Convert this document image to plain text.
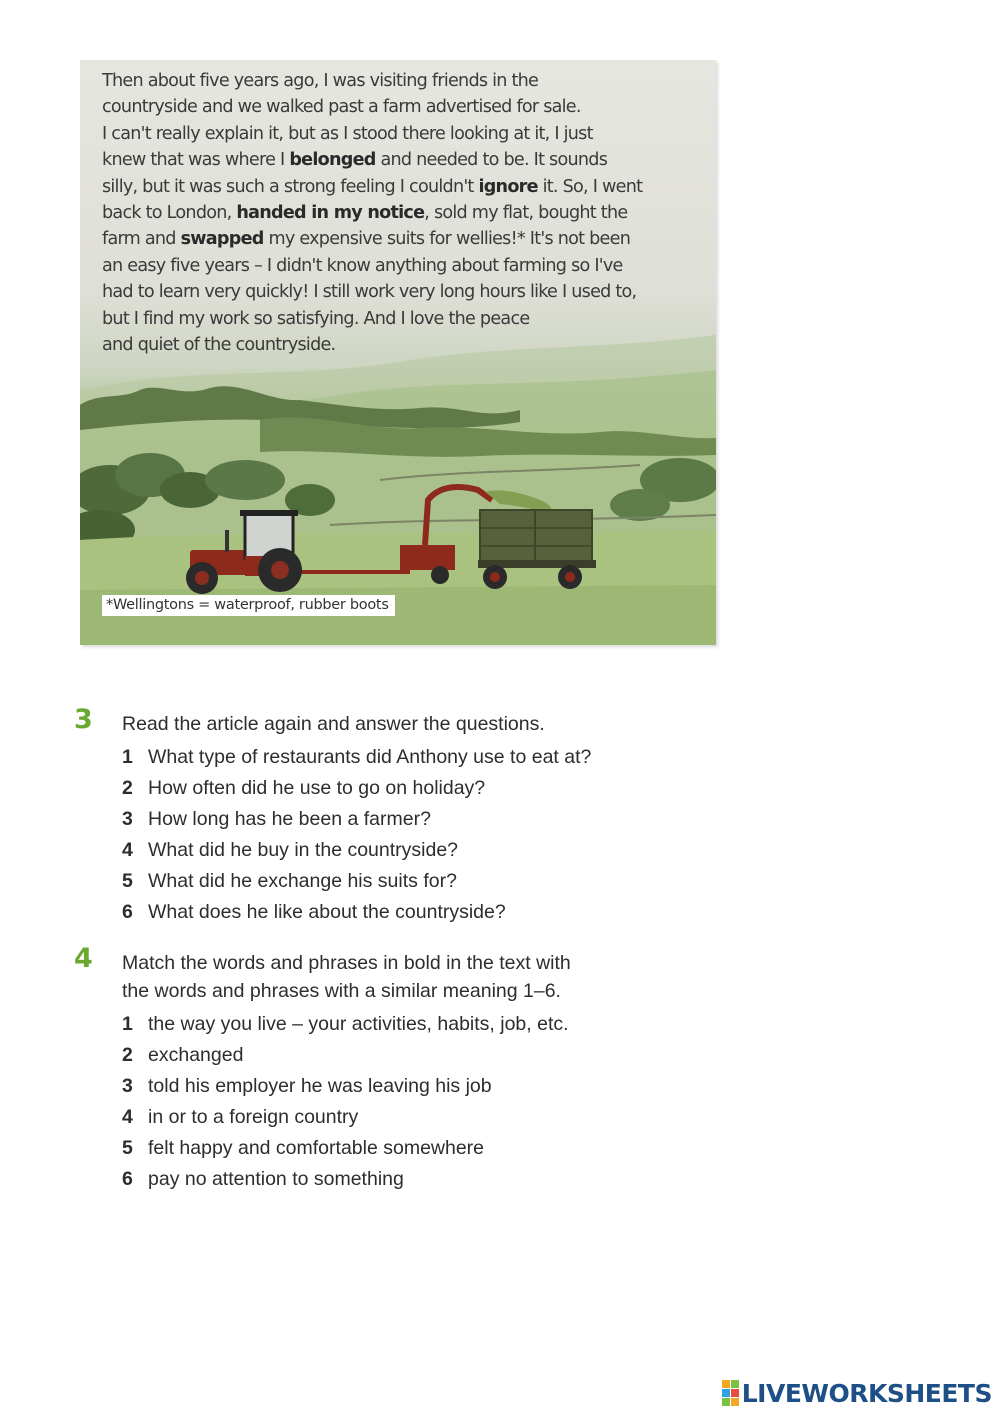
Then about five years ago, I was visiting friends in the
countryside and we walked past a farm advertised for sale.
I can't really explain it, but as I stood there looking at it, I just
knew that was where I belonged and needed to be. It sounds
silly, but it was such a strong feeling I couldn't ignore it. So, I went
back to London, handed in my notice, sold my flat, bought the
farm and swapped my expensive suits for wellies!* It's not been
an easy five years – I didn't know anything about farming so I've
had to learn very quickly! I still work very long hours like I used to,
but I find my work so satisfying. And I love the peace
and quiet of the countryside.
*Wellingtons = waterproof, rubber boots
3 Read the article again and answer the questions.
1 What type of restaurants did Anthony use to eat at?
2 How often did he use to go on holiday?
3 How long has he been a farmer?
4 What did he buy in the countryside?
5 What did he exchange his suits for?
6 What does he like about the countryside?
4 Match the words and phrases in bold in the text with
the words and phrases with a similar meaning 1–6.
1 the way you live – your activities, habits, job, etc.
2 exchanged
3 told his employer he was leaving his job
4 in or to a foreign country
5 felt happy and comfortable somewhere
6 pay no attention to something
LIVEWORKSHEETS
